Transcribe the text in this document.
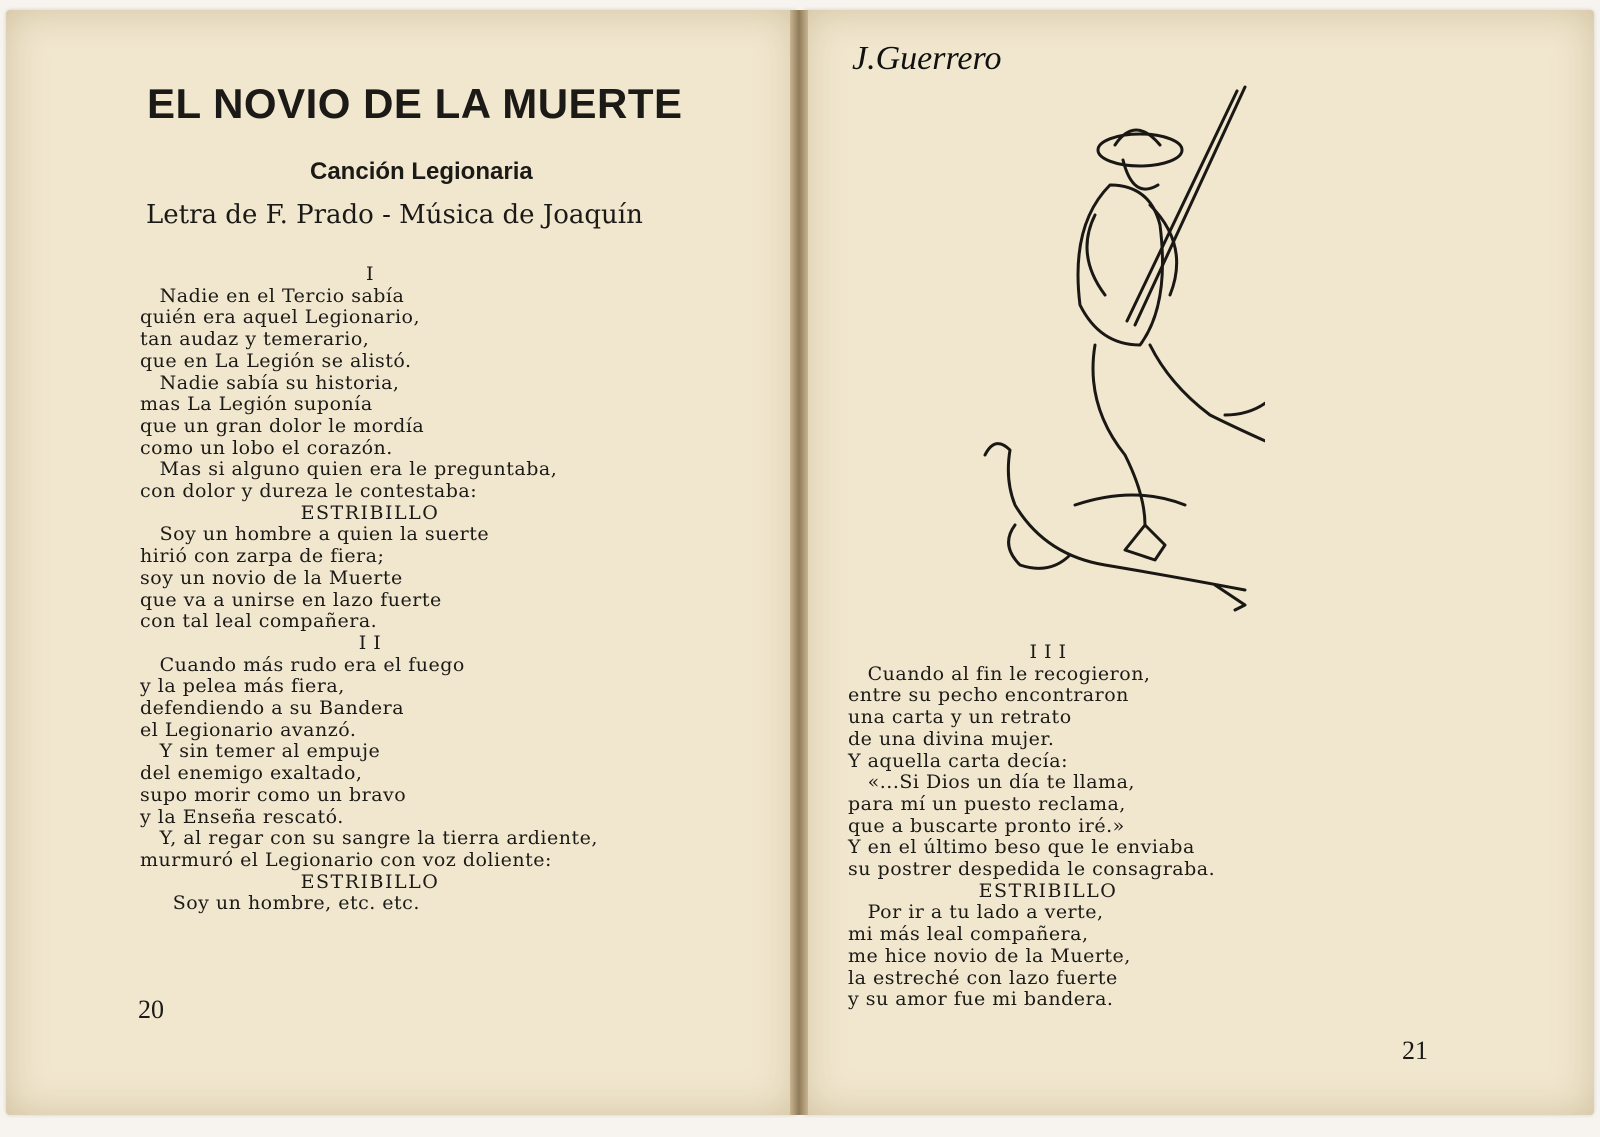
EL NOVIO DE LA MUERTE
Canción Legionaria
Letra de F. Prado - Música de Joaquín
I
Nadie en el Tercio sabía
quién era aquel Legionario,
tan audaz y temerario,
que en La Legión se alistó.
Nadie sabía su historia,
mas La Legión suponía
que un gran dolor le mordía
como un lobo el corazón.
Mas si alguno quien era le preguntaba,
con dolor y dureza le contestaba:
ESTRIBILLO
Soy un hombre a quien la suerte
hirió con zarpa de fiera;
soy un novio de la Muerte
que va a unirse en lazo fuerte
con tal leal compañera.
I I
Cuando más rudo era el fuego
y la pelea más fiera,
defendiendo a su Bandera
el Legionario avanzó.
Y sin temer al empuje
del enemigo exaltado,
supo morir como un bravo
y la Enseña rescató.
Y, al regar con su sangre la tierra ardiente,
murmuró el Legionario con voz doliente:
ESTRIBILLO
Soy un hombre, etc. etc.
20
J.Guerrero
I I I
Cuando al fin le recogieron,
entre su pecho encontraron
una carta y un retrato
de una divina mujer.
Y aquella carta decía:
«...Si Dios un día te llama,
para mí un puesto reclama,
que a buscarte pronto iré.»
Y en el último beso que le enviaba
su postrer despedida le consagraba.
ESTRIBILLO
Por ir a tu lado a verte,
mi más leal compañera,
me hice novio de la Muerte,
la estreché con lazo fuerte
y su amor fue mi bandera.
21
